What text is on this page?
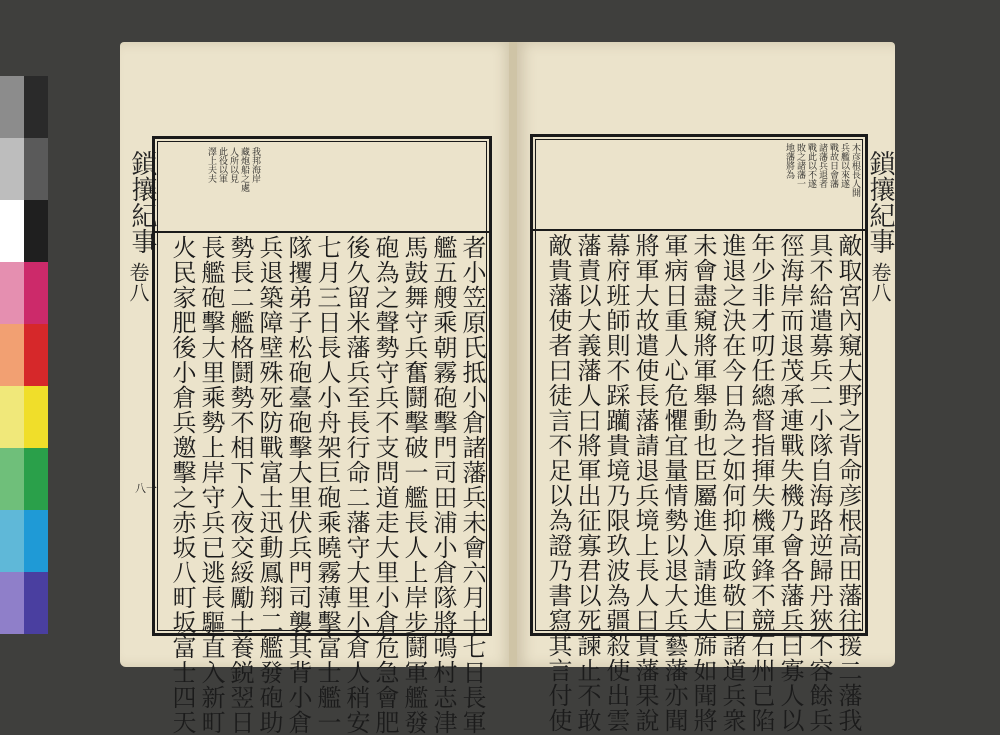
鎖攘紀事
卷八
鎖攘紀事
卷八
我邦海岸
藏炮船之處
人所以見
此役以軍
澤上夫夫
者小笠原氏抵小倉諸藩兵未會六月十七日長軍
艦五艘乘朝霧砲擊門司田浦小倉隊將鳴村志津
馬鼓舞守兵奮鬪擊破一艦長人上岸步鬪軍艦發
砲為之聲勢守兵不支問道走大里小倉危急會肥
後久留米藩兵至長行命二藩守大里小倉人稍安
七月三日長人小舟架巨砲乘曉霧薄擊富士艦一
隊攫弟子松砲臺砲擊大里伏兵門司襲其背小倉
兵退築障壁殊死防戰富士迅動鳳翔二艦發砲助
勢長二艦格鬪勢不相下入夜交綏勵士養鋭翌日
長艦砲擊大里乘勢上岸守兵已逃長驅直入新町
火民家肥後小倉兵邀擊之赤坂八町坂富士四天
八一
木彦根長人開
兵艦以來遂
戰故日會藩
諸藩兵退者
戰此以不遂
敗之諸藩一
地藩將為
敵取宮內窺大野之背命彦根高田藩往援二藩我
具不給遣募兵二小隊自海路逆歸丹狹不容餘兵
徑海岸而退茂承連戰失機乃會各藩兵曰寡人以
年少非才叨任總督指揮失機軍鋒不競石州已陷
進退之決在今日為之如何抑原政敬曰諸道兵衆
未會盡窺將軍舉動也臣屬進入請進大旆如聞將
軍病日重人心危懼宜量情勢以退大兵藝藩亦聞
將軍大故遣使長藩請退兵境上長人曰貴藩果說
幕府班師則不踩躪貴境乃限玖波為疆殺使出雲
藩責以大義藩人曰將軍出征寡君以死諫止不敢
敵貴藩使者曰徒言不足以為證乃書寫其言付使
